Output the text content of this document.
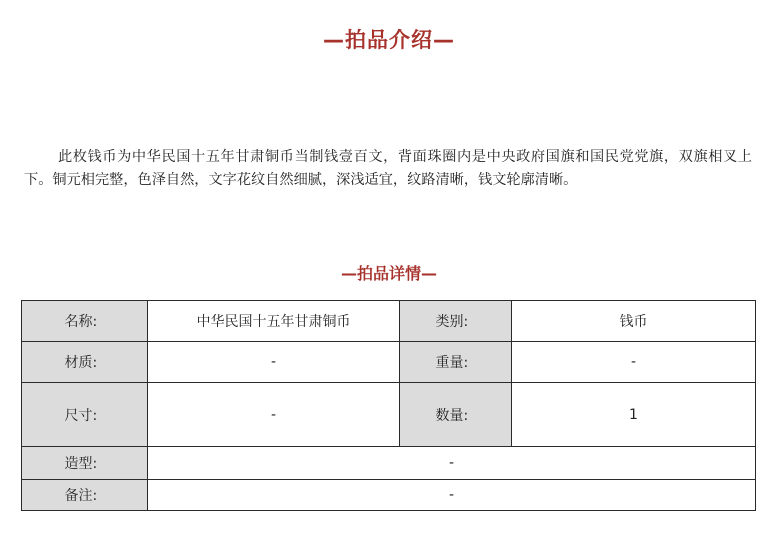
—拍品介绍—

此枚钱币为中华民国十五年甘肃铜币当制钱壹百文，背面珠圈内是中央政府国旗和国民党党旗，双旗相叉上下。铜元相完整，色泽自然，文字花纹自然细腻，深浅适宜，纹路清晰，钱文轮廓清晰。

—拍品详情—
名称:	中华民国十五年甘肃铜币	类别:	钱币
材质:	-	重量:	-
尺寸:	-	数量:	1
造型:	-		
备注:	-		
